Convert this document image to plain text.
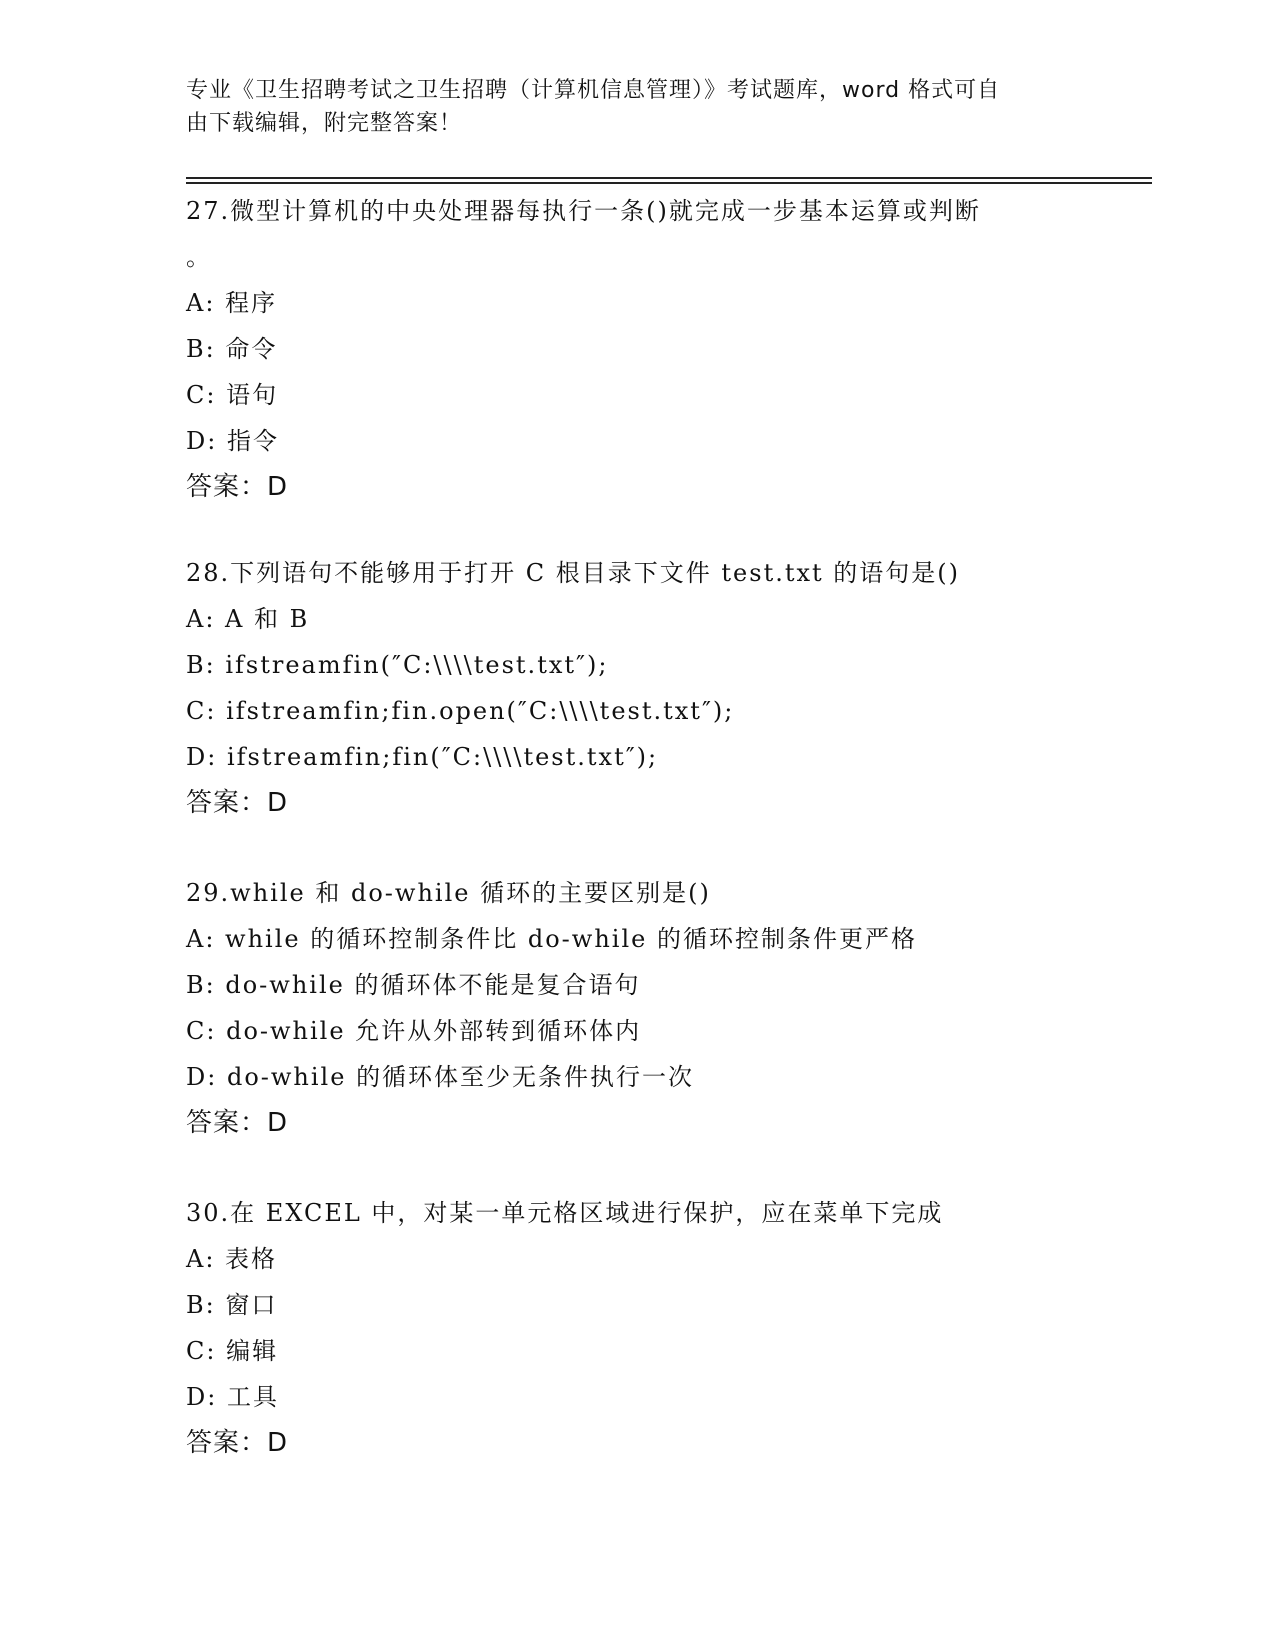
专业《卫生招聘考试之卫生招聘（计算机信息管理）》考试题库，word 格式可自
由下载编辑，附完整答案！
27.微型计算机的中央处理器每执行一条()就完成一步基本运算或判断
。
A: 程序
B: 命令
C: 语句
D: 指令
答案：D
28.下列语句不能够用于打开 C 根目录下文件 test.txt 的语句是()
A: A 和 B
B: ifstreamfin(″C:\\\\test.txt″);
C: ifstreamfin;fin.open(″C:\\\\test.txt″);
D: ifstreamfin;fin(″C:\\\\test.txt″);
答案：D
29.while 和 do-while 循环的主要区别是()
A: while 的循环控制条件比 do-while 的循环控制条件更严格
B: do-while 的循环体不能是复合语句
C: do-while 允许从外部转到循环体内
D: do-while 的循环体至少无条件执行一次
答案：D
30.在 EXCEL 中，对某一单元格区域进行保护，应在菜单下完成
A: 表格
B: 窗口
C: 编辑
D: 工具
答案：D
